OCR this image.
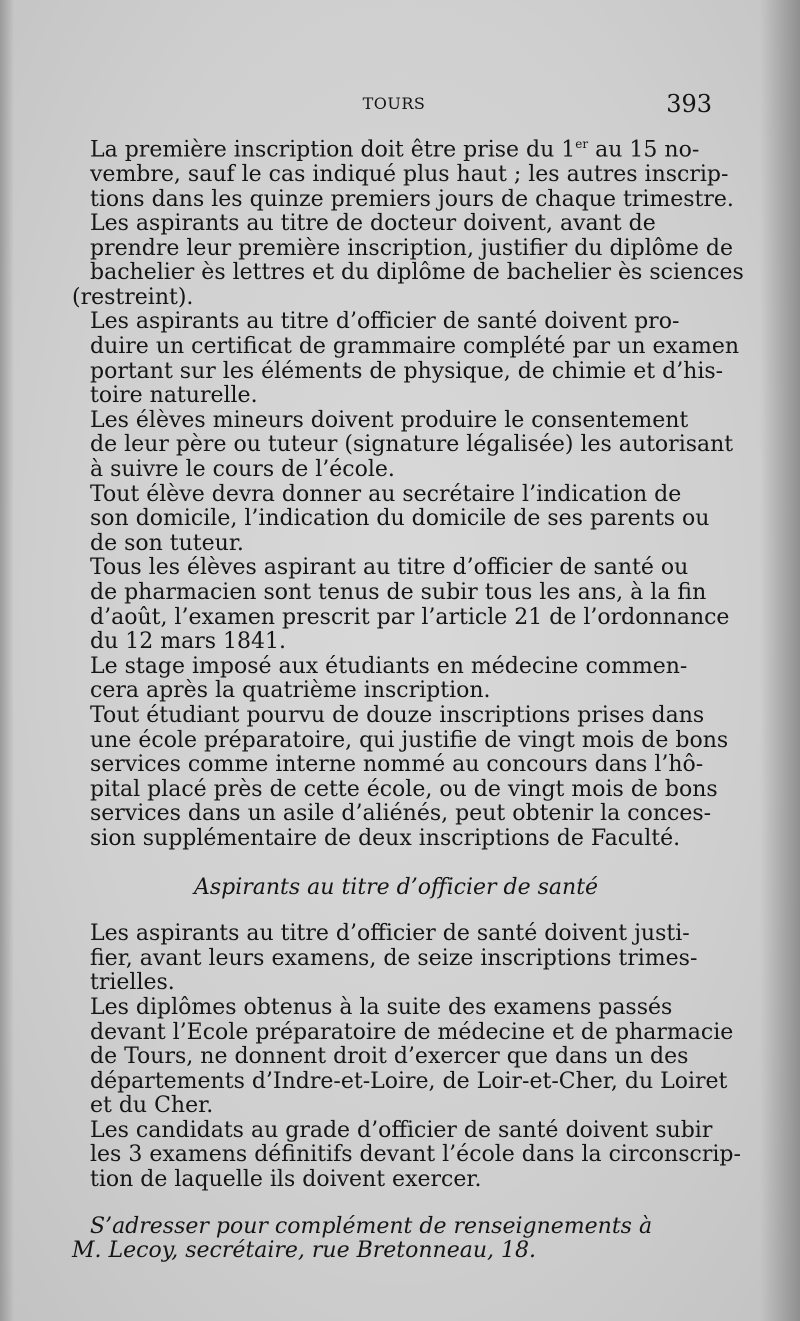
TOURS	393

La première inscription doit être prise du 1er au 15 no-
vembre, sauf le cas indiqué plus haut ; les autres inscrip-
tions dans les quinze premiers jours de chaque trimestre.

Les aspirants au titre de docteur doivent, avant de
prendre leur première inscription, justifier du diplôme de
bachelier ès lettres et du diplôme de bachelier ès sciences
(restreint).

Les aspirants au titre d’officier de santé doivent pro-
duire un certificat de grammaire complété par un examen
portant sur les éléments de physique, de chimie et d’his-
toire naturelle.

Les élèves mineurs doivent produire le consentement
de leur père ou tuteur (signature légalisée) les autorisant
à suivre le cours de l’école.

Tout élève devra donner au secrétaire l’indication de
son domicile, l’indication du domicile de ses parents ou
de son tuteur.

Tous les élèves aspirant au titre d’officier de santé ou
de pharmacien sont tenus de subir tous les ans, à la fin
d’août, l’examen prescrit par l’article 21 de l’ordonnance
du 12 mars 1841.

Le stage imposé aux étudiants en médecine commen-
cera après la quatrième inscription.

Tout étudiant pourvu de douze inscriptions prises dans
une école préparatoire, qui justifie de vingt mois de bons
services comme interne nommé au concours dans l’hô-
pital placé près de cette école, ou de vingt mois de bons
services dans un asile d’aliénés, peut obtenir la conces-
sion supplémentaire de deux inscriptions de Faculté.

Aspirants au titre d’officier de santé

Les aspirants au titre d’officier de santé doivent justi-
fier, avant leurs examens, de seize inscriptions trimes-
trielles.

Les diplômes obtenus à la suite des examens passés
devant l’Ecole préparatoire de médecine et de pharmacie
de Tours, ne donnent droit d’exercer que dans un des
départements d’Indre-et-Loire, de Loir-et-Cher, du Loiret
et du Cher.

Les candidats au grade d’officier de santé doivent subir
les 3 examens définitifs devant l’école dans la circonscrip-
tion de laquelle ils doivent exercer.

S’adresser pour complément de renseignements à
M. Lecoy, secrétaire, rue Bretonneau, 18.
